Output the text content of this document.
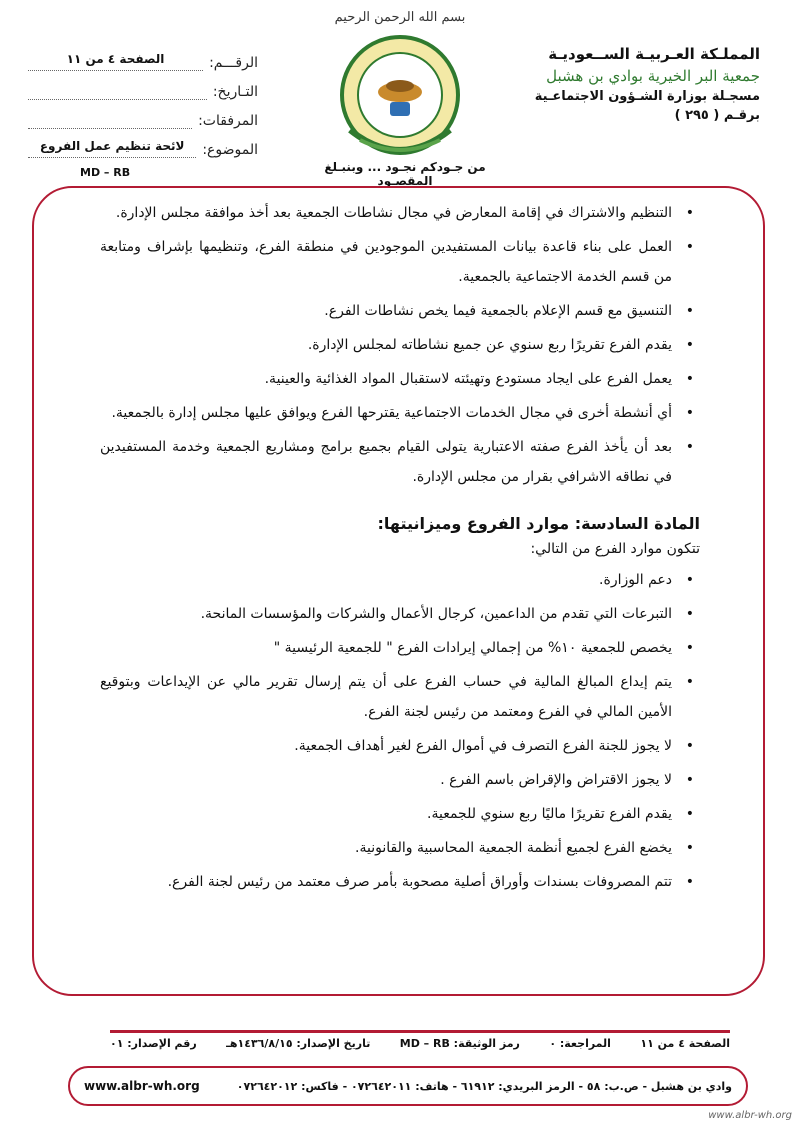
بسم الله الرحمن الرحيم
من جـودكم نجـود ... وبنبـلغ المقصـود
المملـكة العـربيـة الســعوديـة
جمعية البر الخيرية بوادي بن هشبل
مسجـلة بوزارة الشـؤون الاجتماعـية
برقـم ( ٢٩٥ )
الرقـــم:
الصفحة ٤ من ١١
التـاريخ:
المرفقات:
الموضوع:
لائحة تنظيم عمل الفروع
MD – RB
• التنظيم والاشتراك في إقامة المعارض في مجال نشاطات الجمعية بعد أخذ موافقة مجلس الإدارة.
• العمل على بناء قاعدة بيانات المستفيدين الموجودين في منطقة الفرع، وتنظيمها بإشراف ومتابعة من قسم الخدمة الاجتماعية بالجمعية.
• التنسيق مع قسم الإعلام بالجمعية فيما يخص نشاطات الفرع.
• يقدم الفرع تقريرًا ربع سنوي عن جميع نشاطاته لمجلس الإدارة.
• يعمل الفرع على ايجاد مستودع وتهيئته لاستقبال المواد الغذائية والعينية.
• أي أنشطة أخرى في مجال الخدمات الاجتماعية يقترحها الفرع ويوافق عليها مجلس إدارة بالجمعية.
• بعد أن يأخذ الفرع صفته الاعتبارية يتولى القيام بجميع برامج ومشاريع الجمعية وخدمة المستفيدين في نطاقه الاشرافي بقرار من مجلس الإدارة.
المادة السادسة: موارد الفروع وميزانيتها:
تتكون موارد الفرع من التالي:
• دعم الوزارة.
• التبرعات التي تقدم من الداعمين، كرجال الأعمال والشركات والمؤسسات المانحة.
• يخصص للجمعية ١٠% من إجمالي إيرادات الفرع " للجمعية الرئيسية "
• يتم إيداع المبالغ المالية في حساب الفرع على أن يتم إرسال تقرير مالي عن الإيداعات وبتوقيع الأمين المالي في الفرع ومعتمد من رئيس لجنة الفرع.
• لا يجوز للجنة الفرع التصرف في أموال الفرع لغير أهداف الجمعية.
• لا يجوز الاقتراض والإقراض باسم الفرع .
• يقدم الفرع تقريرًا ماليًا ربع سنوي للجمعية.
• يخضع الفرع لجميع أنظمة الجمعية المحاسبية والقانونية.
• تتم المصروفات بسندات وأوراق أصلية مصحوبة بأمر صرف معتمد من رئيس لجنة الفرع.
رقم الإصدار: ٠١	تاريخ الإصدار: ١٤٣٦/٨/١٥هـ	رمز الوثيقة: MD – RB	المراجعة: ٠	الصفحة ٤ من ١١
www.albr-wh.org	وادي بن هشبل - ص.ب: ٥٨ - الرمز البريدي: ٦١٩١٢ - هاتف: ٠٧٢٦٤٢٠١١ - فاكس: ٠٧٢٦٤٢٠١٢
www.albr-wh.org
